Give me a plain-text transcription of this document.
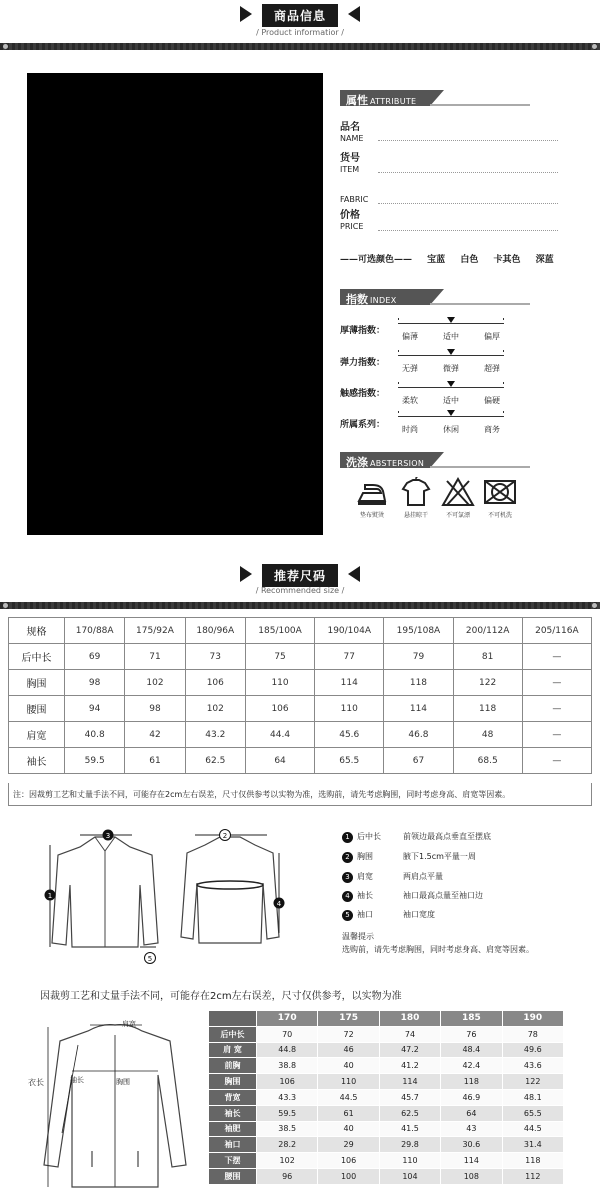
商品信息
/ Product informatior /
属性 ATTRIBUTE
品名
NAME
货号
ITEM
FABRIC
价格
PRICE
——可选颜色—— 宝蓝 白色 卡其色 深蓝
指数 INDEX
厚薄指数：
偏薄	适中	偏厚
弹力指数：
无弹	微弹	超弹
触感指数：
柔软	适中	偏硬
所属系列： 时尚	休闲	商务
洗涤 ABSTERSION
垫布熨烫	悬挂晾干	不可氯漂	不可机洗
推荐尺码
/ Recommended size /
规格	170/88A	175/92A	180/96A	185/100A	190/104A	195/108A	200/112A	205/116A
后中长	69	71	73	75	77	79	81	—
胸围	98	102	106	110	114	118	122	—
腰围	94	98	102	106	110	114	118	—
肩宽	40.8	42	43.2	44.4	45.6	46.8	48	—
袖长	59.5	61	62.5	64	65.5	67	68.5	—
注：因裁剪工艺和丈量手法不同，可能存在2cm左右误差，尺寸仅供参考以实物为准，选购前，请先考虑胸围，同时考虑身高、肩宽等因素。
3
1
5
2
4
1 后中长	前领边最高点垂直至摆底
2 胸围	腋下1.5cm平量一周
3 肩宽	两肩点平量
4 袖长	袖口最高点量至袖口边
5 袖口	袖口宽度
温馨提示
选购前，请先考虑胸围，同时考虑身高、肩宽等因素。
因裁剪工艺和丈量手法不同，可能存在2cm左右误差，尺寸仅供参考，以实物为准
肩宽
衣长	袖长	胸围
	170	175	180	185	190
后中长	70	72	74	76	78
肩 宽	44.8	46	47.2	48.4	49.6
前胸	38.8	40	41.2	42.4	43.6
胸围	106	110	114	118	122
背宽	43.3	44.5	45.7	46.9	48.1
袖长	59.5	61	62.5	64	65.5
袖肥	38.5	40	41.5	43	44.5
袖口	28.2	29	29.8	30.6	31.4
下摆	102	106	110	114	118
腰围	96	100	104	108	112
